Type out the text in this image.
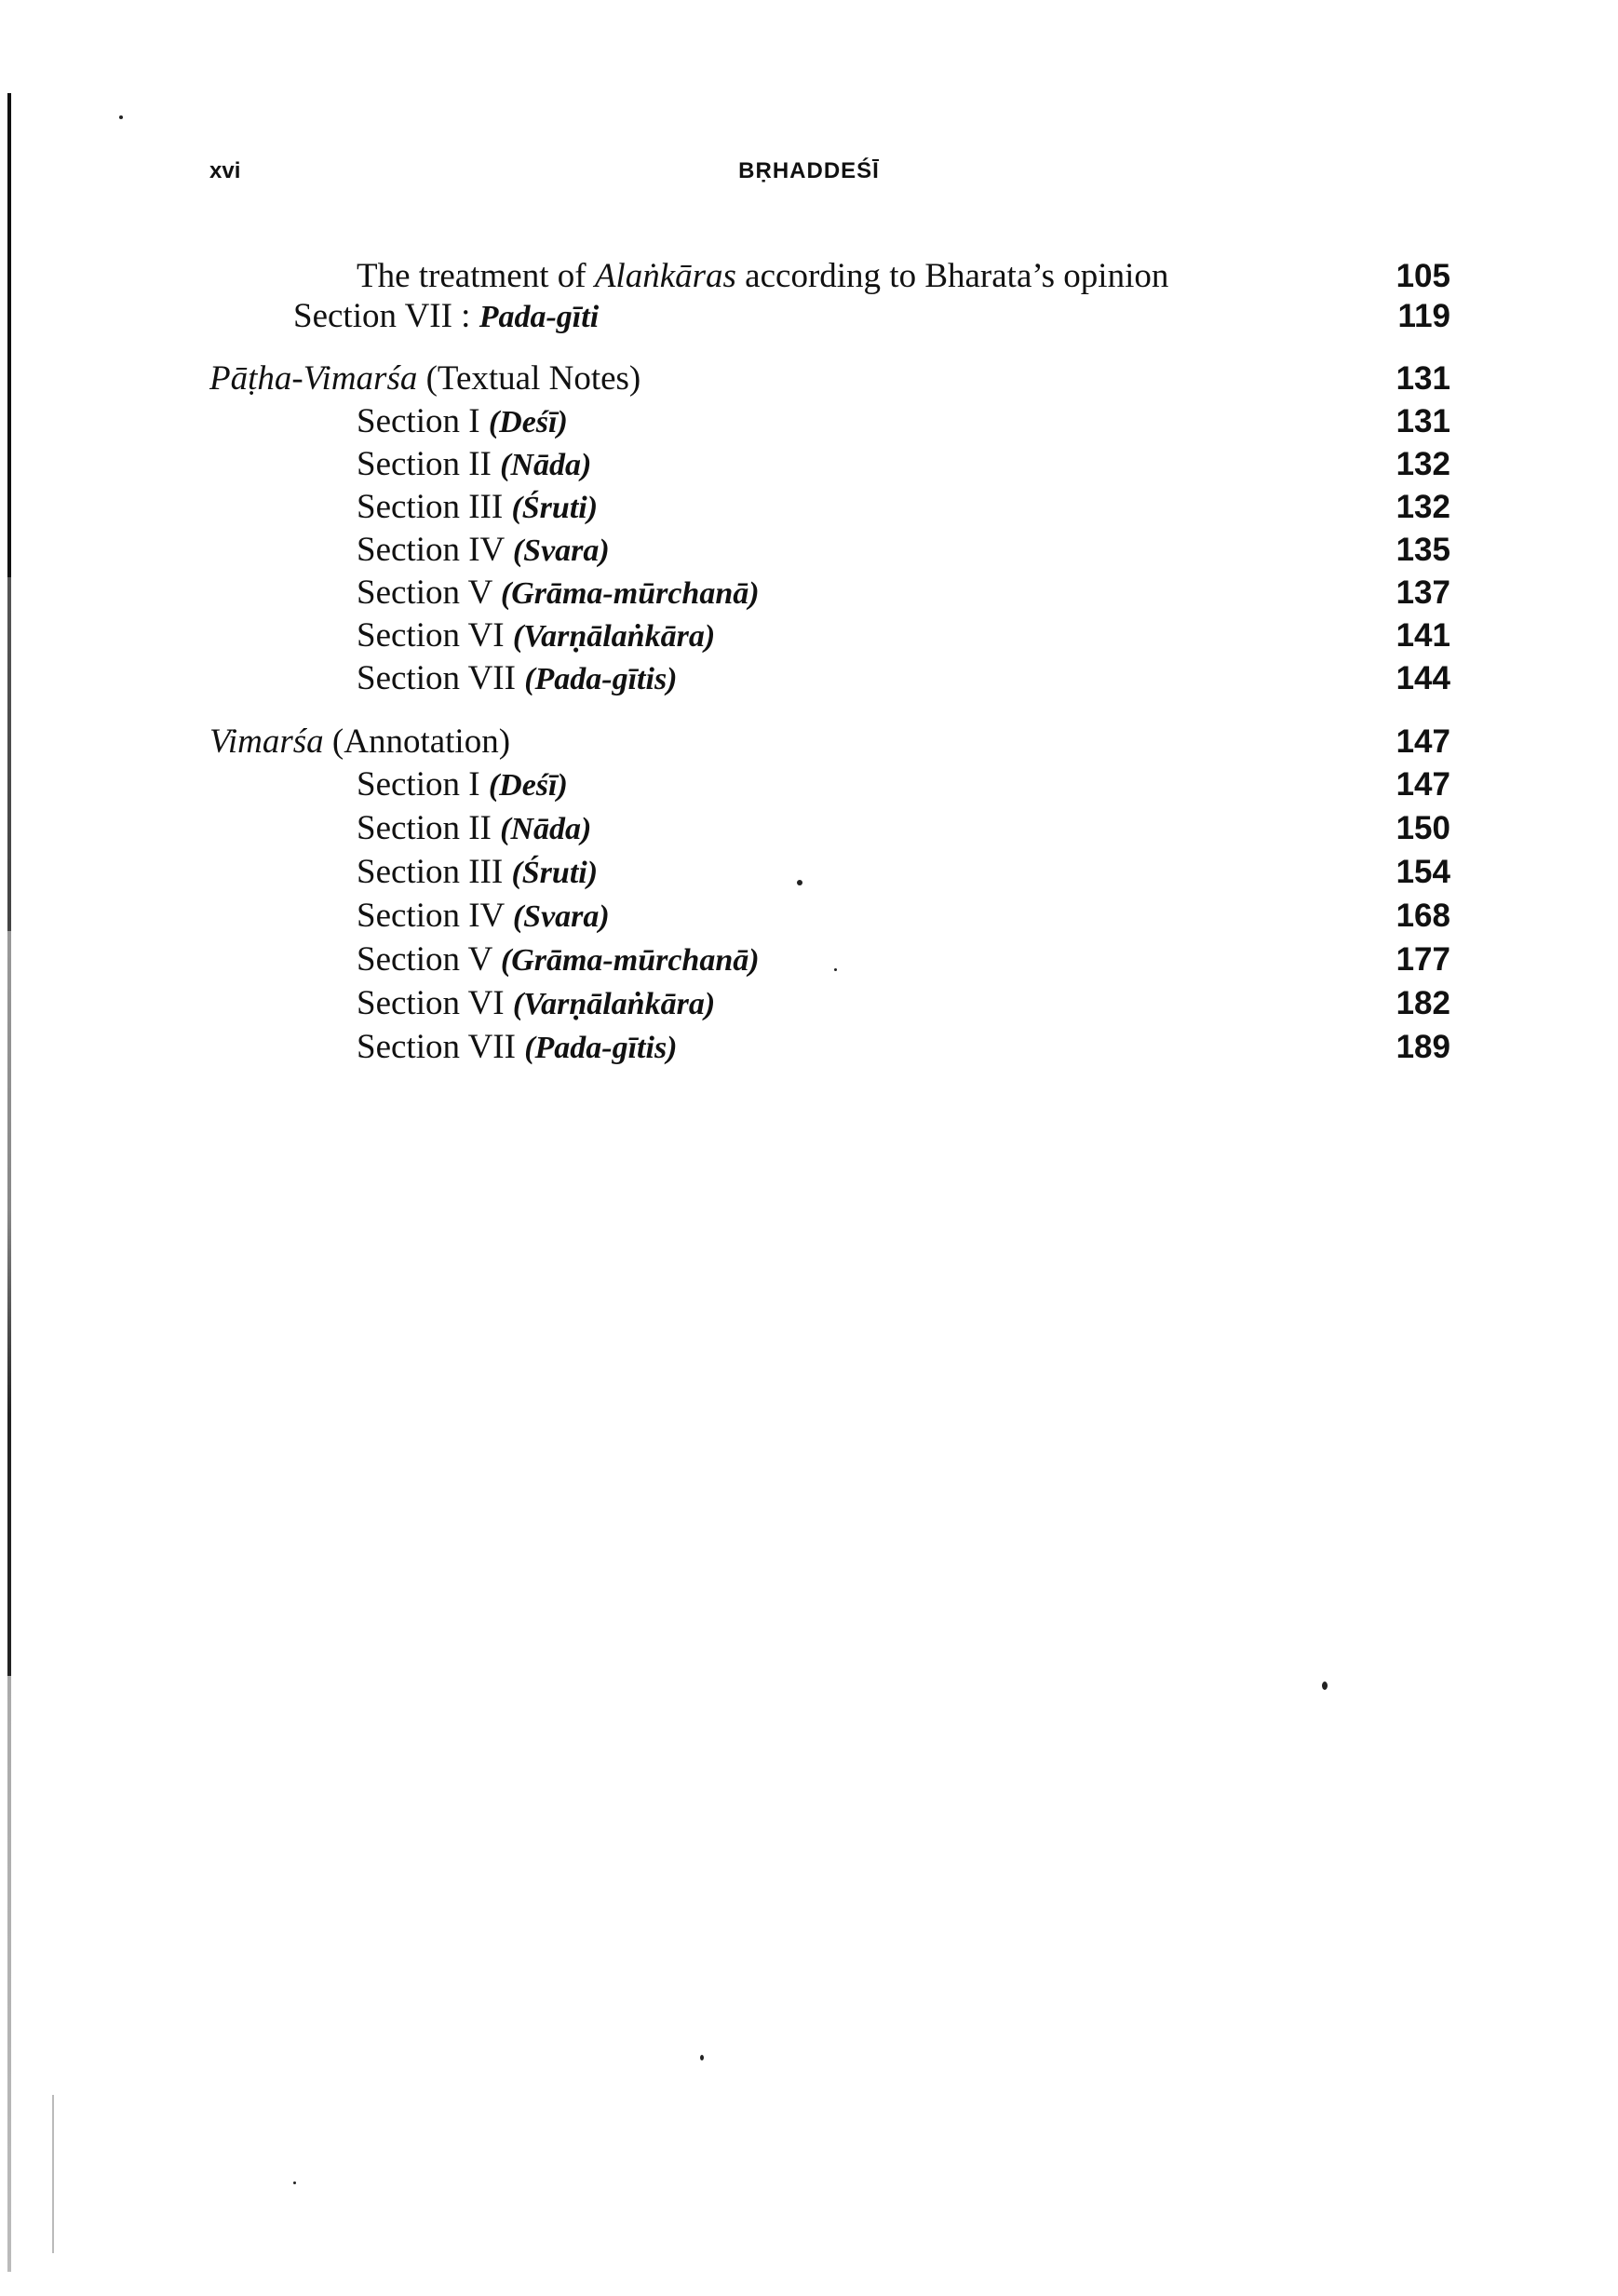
xvi	BṚHADDEŚĪ
The treatment of Alaṅkāras according to Bharata’s opinion	105
Section VII : Pada-gīti	119
Pāṭha-Vimarśa (Textual Notes)	131
Section I (Deśī)	131
Section II (Nāda)	132
Section III (Śruti)	132
Section IV (Svara)	135
Section V (Grāma-mūrchanā)	137
Section VI (Varṇālaṅkāra)	141
Section VII (Pada-gītis)	144
Vimarśa (Annotation)	147
Section I (Deśī)	147
Section II (Nāda)	150
Section III (Śruti)	154
Section IV (Svara)	168
Section V (Grāma-mūrchanā)	177
Section VI (Varṇālaṅkāra)	182
Section VII (Pada-gītis)	189
